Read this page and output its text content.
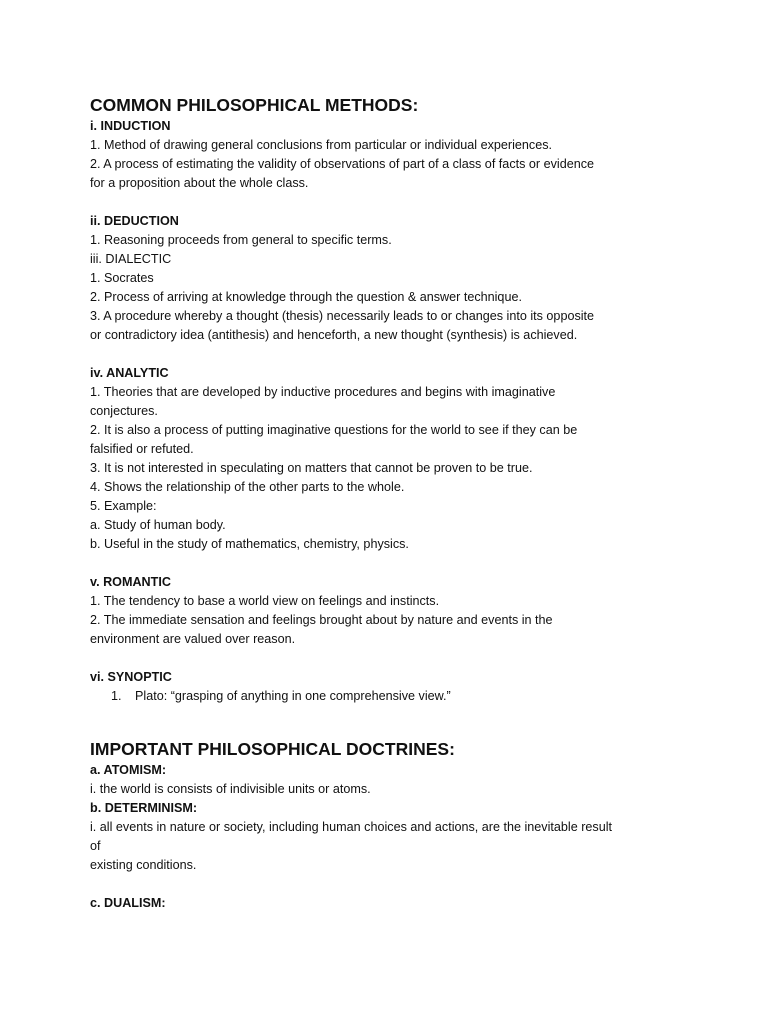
COMMON PHILOSOPHICAL METHODS:
i. INDUCTION
1. Method of drawing general conclusions from particular or individual experiences.
2. A process of estimating the validity of observations of part of a class of facts or evidence
for a proposition about the whole class.
ii. DEDUCTION
1. Reasoning proceeds from general to specific terms.
iii. DIALECTIC
1. Socrates
2. Process of arriving at knowledge through the question & answer technique.
3. A procedure whereby a thought (thesis) necessarily leads to or changes into its opposite
or contradictory idea (antithesis) and henceforth, a new thought (synthesis) is achieved.
iv. ANALYTIC
1. Theories that are developed by inductive procedures and begins with imaginative
conjectures.
2. It is also a process of putting imaginative questions for the world to see if they can be
falsified or refuted.
3. It is not interested in speculating on matters that cannot be proven to be true.
4. Shows the relationship of the other parts to the whole.
5. Example:
a. Study of human body.
b. Useful in the study of mathematics, chemistry, physics.
v. ROMANTIC
1. The tendency to base a world view on feelings and instincts.
2. The immediate sensation and feelings brought about by nature and events in the
environment are valued over reason.
vi. SYNOPTIC
1. Plato: “grasping of anything in one comprehensive view.”
IMPORTANT PHILOSOPHICAL DOCTRINES:
a. ATOMISM:
i. the world is consists of indivisible units or atoms.
b. DETERMINISM:
i. all events in nature or society, including human choices and actions, are the inevitable result
of
existing conditions.
c. DUALISM:
